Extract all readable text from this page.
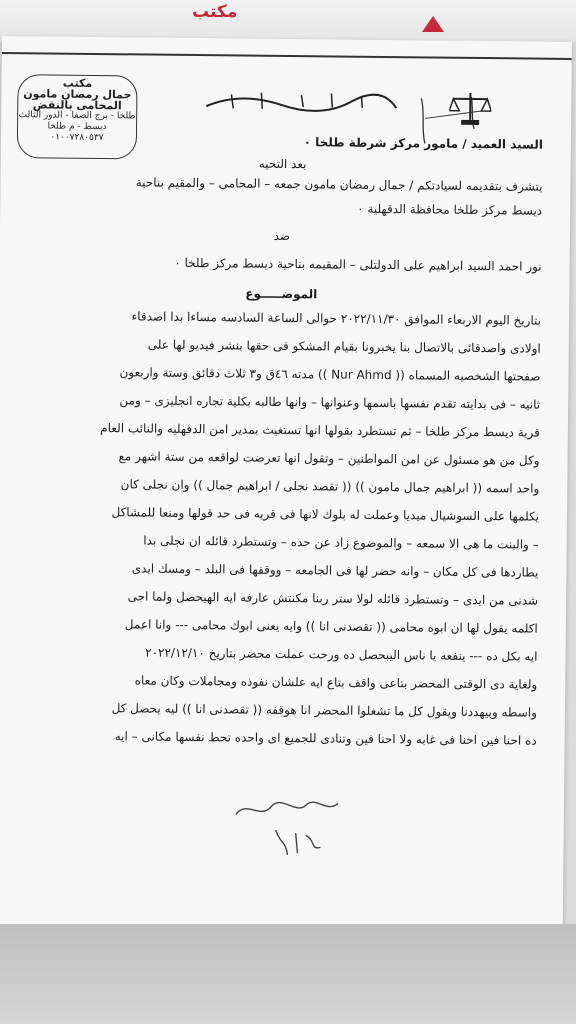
مكتب
مكتب
جمال رمضان مامون
المحامى بالنقض
طلخا - برج الصفا - الدور الثالث
ديسط - م طلخا
٠١٠٠٧٢٨٠٥٣٧	السيد العميد / مامور مركز شرطة طلخا ٠
بعد التحيه
يتشرف بتقديمه لسيادتكم / جمال رمضان مامون جمعه – المحامى – والمقيم بناحية
ديسط مركز طلخا محافظة الدقهلية ٠
ضد
نور احمد السيد ابراهيم على الدولتلى – المقيمه بناحية ديسط مركز طلخا ٠
الموضـــــوع
بتاريخ اليوم الاربعاء الموافق ٢٠٢٢/١١/٣٠ حوالى الساعة السادسه مساءا بدا اصدقاء
اولادى واصدقائى بالاتصال بنا يخبرونا بقيام المشكو فى حقها بنشر فيديو لها على
صفحتها الشخصيه المسماه (( Nur Ahmd )) مدته ٤٦ق و٣ ثلاث دقائق وستة واربعون
ثانيه – فى بدايته تقدم نفسها باسمها وعنوانها – وانها طالبه بكلية تجاره انجليزى – ومن
قرية ديسط مركز طلخا – ثم تستطرد بقولها انها تستغيث بمدير امن الدقهليه والنائب العام
وكل من هو مسئول عن امن المواطنين – وتقول انها تعرضت لواقعه من ستة اشهر مع
واحد اسمه (( ابراهيم جمال مامون )) (( تقصد نجلى / ابراهيم جمال )) وان نجلى كان
يكلمها على السوشيال ميديا وعملت له بلوك لانها فى قريه فى حد قولها ومنعا للمشاكل
– والبنت ما هى الا سمعه – والموضوع زاد عن حده – وتستطرد قائله ان نجلى بدا
يطاردها فى كل مكان – وانه حضر لها فى الجامعه – ووقفها فى البلد – ومسك ايدى
شدنى من ايدى – وتستطرد قائله لولا ستر ربنا مكنتش عارفه ايه الهيحصل ولما اجى
اكلمه يقول لها ان ابوه محامى (( تقصدنى انا )) وايه يعنى ابوك محامى --- وانا اعمل
ايه بكل ده --- ينفعه يا ناس اليبحصل ده ورحت عملت محضر بتاريخ ٢٠٢٢/١٢/١٠
ولغاية دى الوقتى المحضر بتاعى واقف بتاع ايه علشان نفوذه ومجاملات وكان معاه
واسطه وبيهددنا ويقول كل ما تشغلوا المحضر انا هوقفه (( تقصدنى انا )) ليه يحصل كل
ده احنا فين احنا فى غابه ولا احنا فين وتنادى للجميع اى واحده تحط نفسها مكانى – ايه
